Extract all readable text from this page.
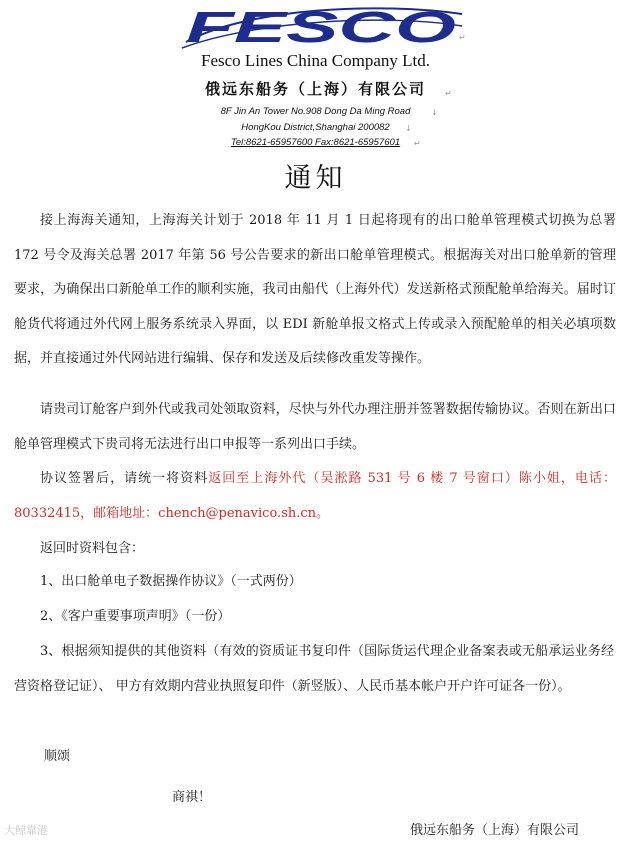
FESCO
Fesco Lines China Company Ltd.
俄远东船务（上海）有限公司
8F Jin An Tower No.908 Dong Da Ming Road
HongKou District,Shanghai 200082
Tel:8621-65957600 Fax:8621-65957601
通知

接上海海关通知，上海海关计划于 2018 年 11 月 1 日起将现有的出口舱单管理模式切换为总署 172 号令及海关总署 2017 年第 56 号公告要求的新出口舱单管理模式。根据海关对出口舱单新的管理要求，为确保出口新舱单工作的顺利实施，我司由船代（上海外代）发送新格式预配舱单给海关。届时订舱货代将通过外代网上服务系统录入界面，以 EDI 新舱单报文格式上传或录入预配舱单的相关必填项数据，并直接通过外代网站进行编辑、保存和发送及后续修改重发等操作。

请贵司订舱客户到外代或我司处领取资料，尽快与外代办理注册并签署数据传输协议。否则在新出口舱单管理模式下贵司将无法进行出口申报等一系列出口手续。

协议签署后，请统一将资料返回至上海外代（吴淞路 531 号 6 楼 7 号窗口）陈小姐，电话：80332415，邮箱地址：chench@penavico.sh.cn。

返回时资料包含：
1、出口舱单电子数据操作协议》（一式两份）
2、《客户重要事项声明》（一份）

3、根据须知提供的其他资料（有效的资质证书复印件（国际货运代理企业备案表或无船承运业务经营资格登记证）、 甲方有效期内营业执照复印件（新竖版）、人民币基本帐户开户许可证各一份）。

顺颂
商祺！
俄远东船务（上海）有限公司
大鲸靠港
↵
↵
↓
↓
↵
